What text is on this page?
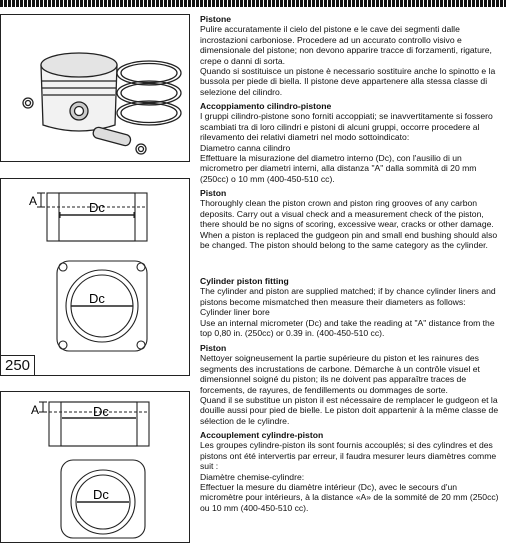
A	Dc
Dc
250
A	Dc
Dc
Pistone

Pulire accuratamente il cielo del pistone e le cave dei segmenti dalle incrostazioni carboniose. Procedere ad un accurato controllo visivo e dimensionale del pistone; non devono apparire tracce di forzamenti, rigature, crepe o danni di sorta.
Quando si sostituisce un pistone è necessario sostituire anche lo spinotto e la bussola per piede di biella. Il pistone deve appartenere alla stessa classe di selezione del cilindro.

Accoppiamento cilindro-pistone

I gruppi cilindro-pistone sono forniti accoppiati; se inavvertitamente si fossero scambiati tra di loro cilindri e pistoni di alcuni gruppi, occorre procedere al rilevamento dei relativi diametri nel modo sottoindicato:
Diametro canna cilindro
Effettuare la misurazione del diametro interno (Dc), con l'ausilio di un micrometro per diametri interni, alla distanza "A" dalla sommità di 20 mm (250cc) o 10 mm (400-450-510 cc).

Piston

Thoroughly clean the piston crown and piston ring grooves of any carbon deposits. Carry out a visual check and a measurement check of the piston, there should be no signs of scoring, excessive wear, cracks or other damage.
When a piston is replaced the gudgeon pin and small end bushing should also be changed. The piston should belong to the same category as the cylinder.

Cylinder piston fitting

The cylinder and piston are supplied matched; if by chance cylinder liners and pistons become mismatched then measure their diameters as follows:
Cylinder liner bore
Use an internal micrometer (Dc) and take the reading at "A" distance from the top 0,80 in. (250cc) or 0.39 in. (400-450-510 cc).

Piston

Nettoyer soigneusement la partie supérieure du piston et les rainures des segments des incrustations de carbone. Démarche à un contrôle visuel et dimensionnel soigné du piston; ils ne doivent pas apparaître traces de forcements, de rayures, de fendillements ou dommages de sorte.
Quand il se substitue un piston il est nécessaire de remplacer le gudgeon et la douille aussi pour pied de bielle. Le piston doit appartenir à la même classe de sélection de le cylindre.

Accouplement cylindre-piston

Les groupes cylindre-piston ils sont fournis accouplés; si des cylindres et des pistons ont été intervertis par erreur, il faudra mesurer leurs diamètres comme suit :
Diamètre chemise-cylindre:
Effectuer la mesure du diamètre intérieur (Dc), avec le secours d'un micromètre pour intérieurs, à la distance «A» de la sommité de 20 mm (250cc) ou 10 mm (400-450-510 cc).
